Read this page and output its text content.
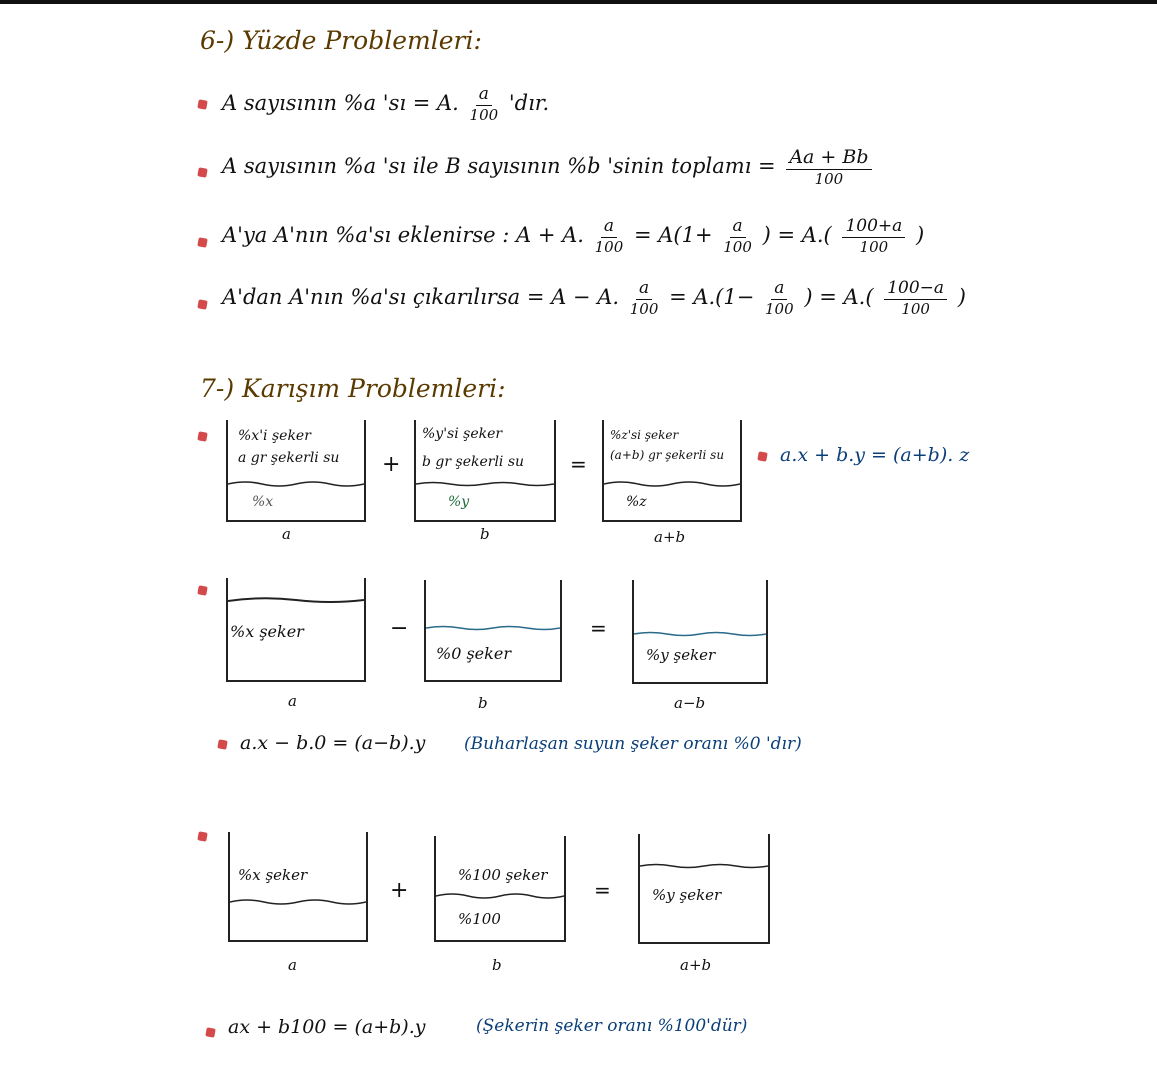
6-) Yüzde Problemleri:
A sayısının %a 'sı = A. $\frac{a}{100}$ 'dır.
A sayısının %a 'sı ile B sayısının %b 'sinin toplamı = $\frac{Aa + Bb}{100}$
A'ya A'nın %a'sı eklenirse : A + A. $\frac{a}{100} = A(1+ \frac{a}{100}$ ) = $A.( \frac{100+a}{100}$ )
A'dan A'nın %a'sı çıkarılırsa = A − A. $\frac{a}{100} = A.(1- \frac{a}{100}$ ) = $A.( \frac{100-a}{100}$ )
7-) Karışım Problemleri:
%x'i şeker
a gr şekerli su
%x
a
+
%y'si şeker
b gr şekerli su
%y
b
=
%z'si şeker
(a+b) gr şekerli su
%z
a+b
a.x + b.y = (a+b). z
%x şeker
a
−
%0 şeker
b
=
%y şeker
a−b
a.x − b.0 = (a−b).y (Buharlaşan suyun şeker oranı %0 'dır)
%x şeker
a
+
%100 şeker
%100
b
=	%y şeker
a+b
ax + b100 = (a+b).y	(Şekerin şeker oranı %100'dür)
